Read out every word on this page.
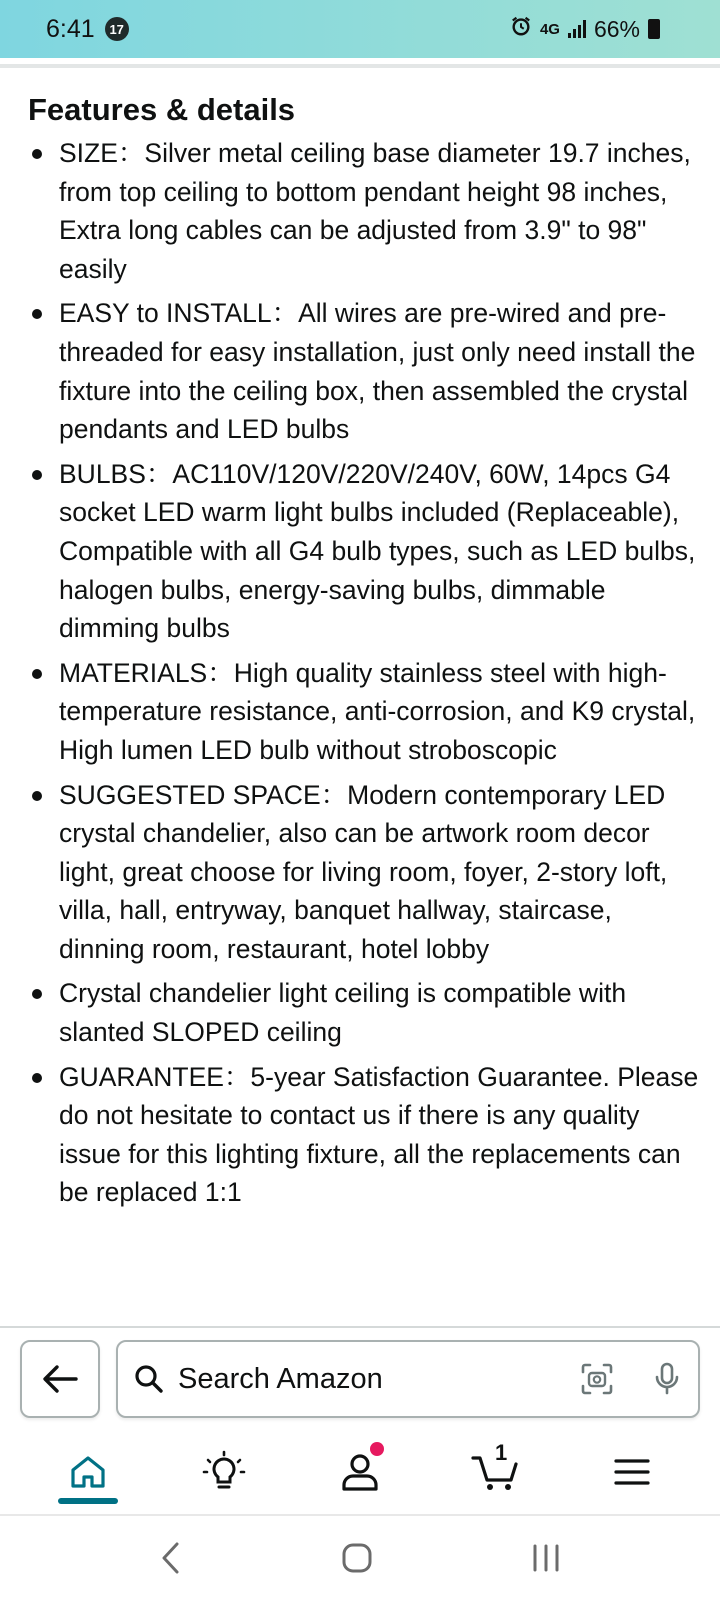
6:41	17	4G 66%
Features & details
SIZE：Silver metal ceiling base diameter 19.7 inches, from top ceiling to bottom pendant height 98 inches, Extra long cables can be adjusted from 3.9" to 98" easily
EASY to INSTALL：All wires are pre-wired and pre-threaded for easy installation, just only need install the fixture into the ceiling box, then assembled the crystal pendants and LED bulbs
BULBS：AC110V/120V/220V/240V, 60W, 14pcs G4 socket LED warm light bulbs included (Replaceable), Compatible with all G4 bulb types, such as LED bulbs, halogen bulbs, energy-saving bulbs, dimmable dimming bulbs
MATERIALS：High quality stainless steel with high-temperature resistance, anti-corrosion, and K9 crystal, High lumen LED bulb without stroboscopic
SUGGESTED SPACE：Modern contemporary LED crystal chandelier, also can be artwork room decor light, great choose for living room, foyer, 2-story loft, villa, hall, entryway, banquet hallway, staircase, dinning room, restaurant, hotel lobby
Crystal chandelier light ceiling is compatible with slanted SLOPED ceiling
GUARANTEE：5-year Satisfaction Guarantee. Please do not hesitate to contact us if there is any quality issue for this lighting fixture, all the replacements can be replaced 1:1
Search Amazon
1
